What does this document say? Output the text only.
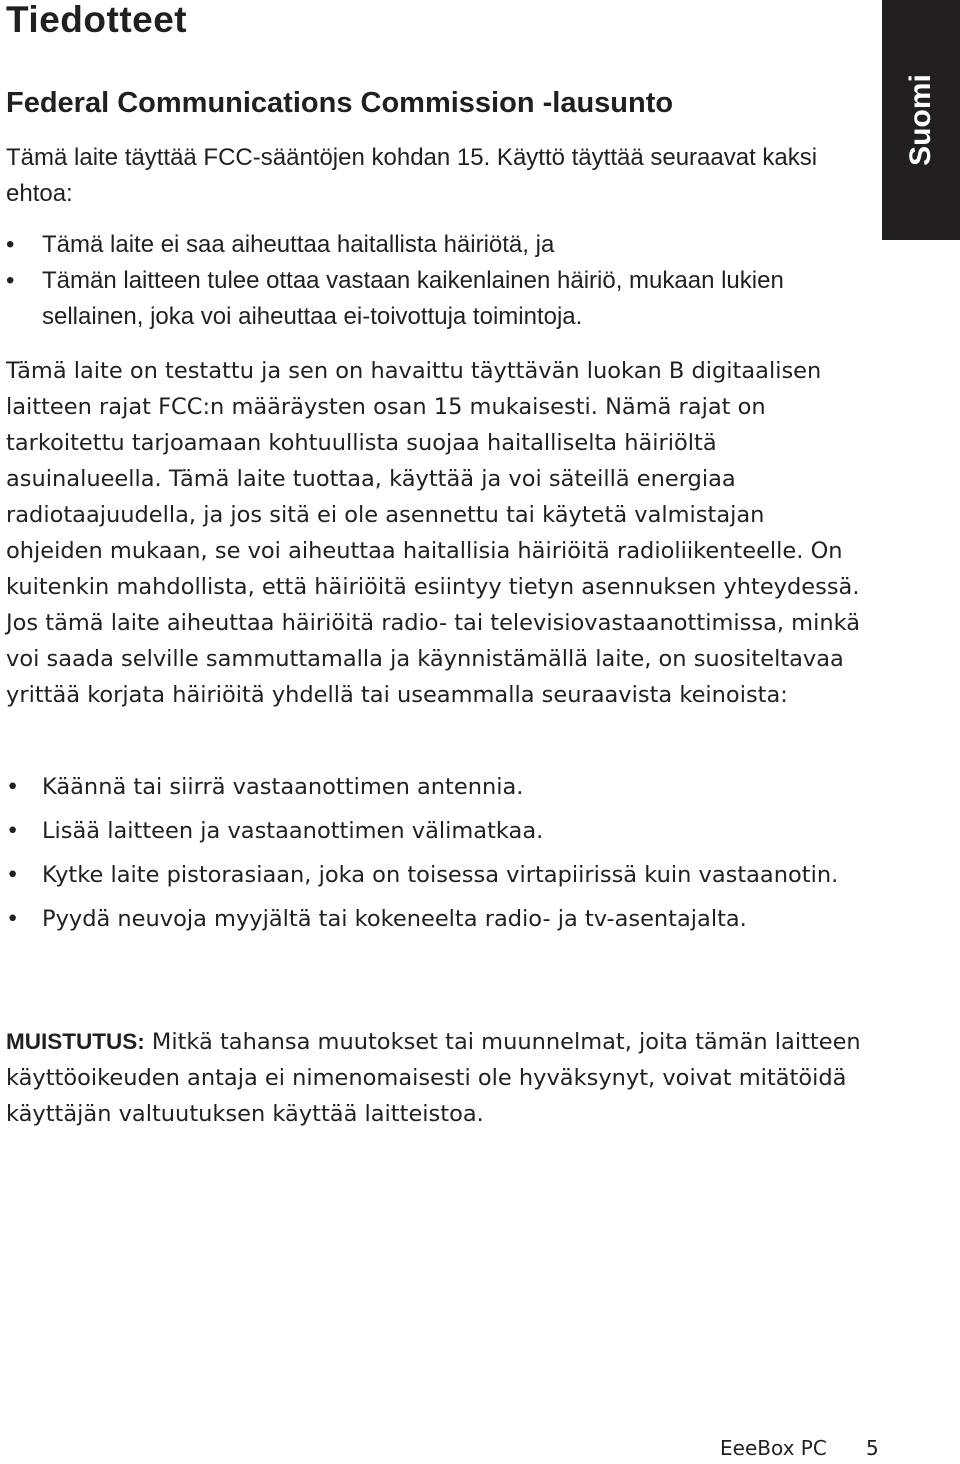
Tiedotteet
Suomi
Federal Communications Commission -lausunto

Tämä laite täyttää FCC-sääntöjen kohdan 15. Käyttö täyttää seuraavat kaksi ehtoa:

• Tämä laite ei saa aiheuttaa haitallista häiriötä, ja
• Tämän laitteen tulee ottaa vastaan kaikenlainen häiriö, mukaan lukien sellainen, joka voi aiheuttaa ei-toivottuja toimintoja.

Tämä laite on testattu ja sen on havaittu täyttävän luokan B digitaalisen laitteen rajat FCC:n määräysten osan 15 mukaisesti. Nämä rajat on tarkoitettu tarjoamaan kohtuullista suojaa haitalliselta häiriöltä asuinalueella. Tämä laite tuottaa, käyttää ja voi säteillä energiaa radiotaajuudella, ja jos sitä ei ole asennettu tai käytetä valmistajan ohjeiden mukaan, se voi aiheuttaa haitallisia häiriöitä radioliikenteelle. On kuitenkin mahdollista, että häiriöitä esiintyy tietyn asennuksen yhteydessä. Jos tämä laite aiheuttaa häiriöitä radio- tai televisiovastaanottimissa, minkä voi saada selville sammuttamalla ja käynnistämällä laite, on suositeltavaa yrittää korjata häiriöitä yhdellä tai useammalla seuraavista keinoista:

• Käännä tai siirrä vastaanottimen antennia.
• Lisää laitteen ja vastaanottimen välimatkaa.
• Kytke laite pistorasiaan, joka on toisessa virtapiirissä kuin vastaanotin.
• Pyydä neuvoja myyjältä tai kokeneelta radio- ja tv-asentajalta.

MUISTUTUS: Mitkä tahansa muutokset tai muunnelmat, joita tämän laitteen käyttöoikeuden antaja ei nimenomaisesti ole hyväksynyt, voivat mitätöidä käyttäjän valtuutuksen käyttää laitteistoa.

EeeBox PC 5
